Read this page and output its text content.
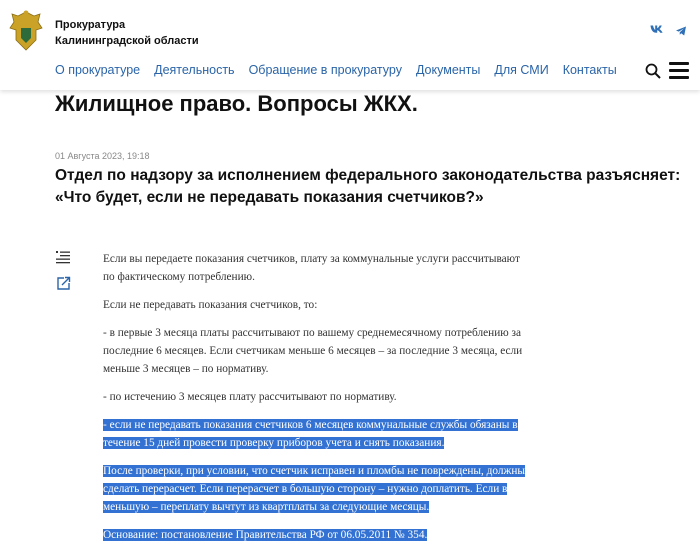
Прокуратура
Калининградской области
О прокуратуре Деятельность Обращение в прокуратуру Документы Для СМИ Контакты
Жилищное право. Вопросы ЖКХ.
01 Августа 2023, 19:18
Отдел по надзору за исполнением федерального законодательства разъясняет: «Что будет, если не передавать показания счетчиков?»

Если вы передаете показания счетчиков, плату за коммунальные услуги рассчитывают по фактическому потреблению.

Если не передавать показания счетчиков, то:

- в первые 3 месяца платы рассчитывают по вашему среднемесячному потреблению за последние 6 месяцев. Если счетчикам меньше 6 месяцев – за последние 3 месяца, если меньше 3 месяцев – по нормативу.

- по истечению 3 месяцев плату рассчитывают по нормативу.

- если не передавать показания счетчиков 6 месяцев коммунальные службы обязаны в течение 15 дней провести проверку приборов учета и снять показания.

После проверки, при условии, что счетчик исправен и пломбы не повреждены, должны сделать перерасчет. Если перерасчет в большую сторону – нужно доплатить. Если в меньшую – переплату вычтут из квартплаты за следующие месяцы.

Основание: постановление Правительства РФ от 06.05.2011 № 354.
